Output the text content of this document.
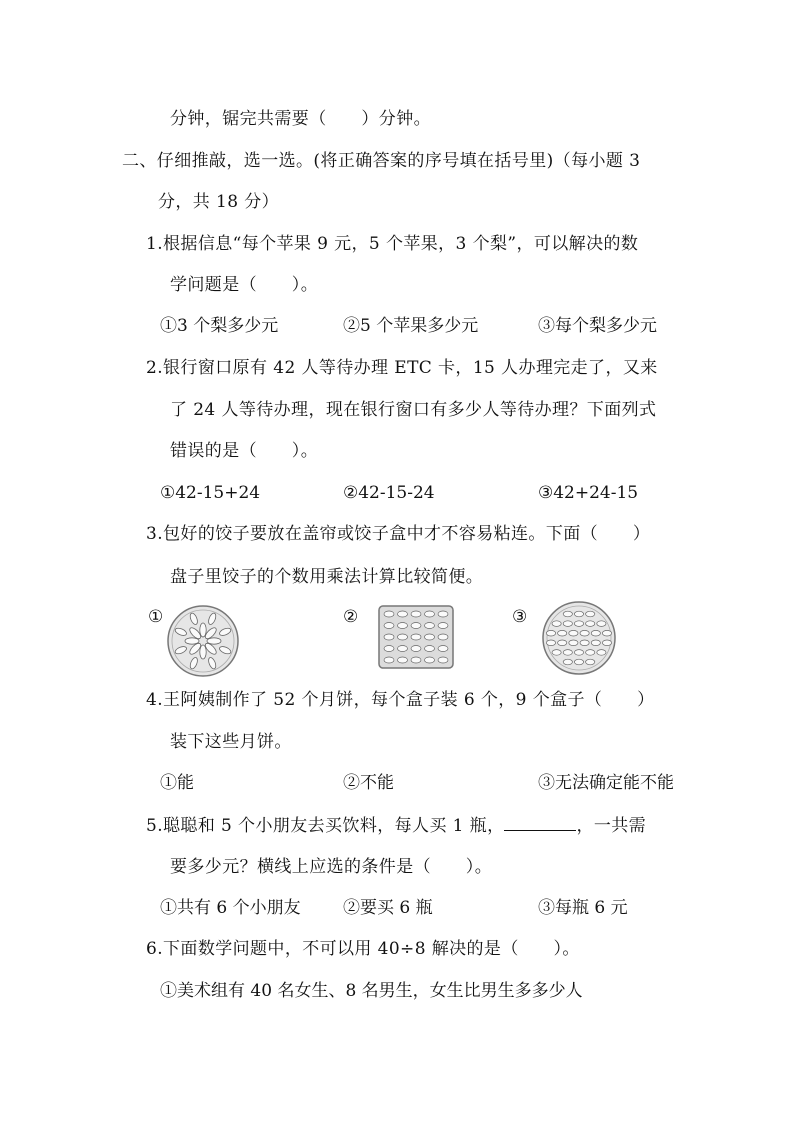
分钟，锯完共需要（　　）分钟。
二、仔细推敲，选一选。(将正确答案的序号填在括号里)（每小题 3
分，共 18 分）
1.根据信息“每个苹果 9 元，5 个苹果，3 个梨”，可以解决的数
学问题是（　　）。
①3 个梨多少元	②5 个苹果多少元	③每个梨多少元
2.银行窗口原有 42 人等待办理 ETC 卡，15 人办理完走了，又来
了 24 人等待办理，现在银行窗口有多少人等待办理？下面列式
错误的是（　　）。
①42-15+24	②42-15-24	③42+24-15
3.包好的饺子要放在盖帘或饺子盒中才不容易粘连。下面（　　）
盘子里饺子的个数用乘法计算比较简便。
①	②	③
4.王阿姨制作了 52 个月饼，每个盒子装 6 个，9 个盒子（　　）
装下这些月饼。
①能	②不能	③无法确定能不能
5.聪聪和 5 个小朋友去买饮料，每人买 1 瓶，	，一共需
要多少元？横线上应选的条件是（　　）。
①共有 6 个小朋友 ②要买 6 瓶	③每瓶 6 元
6.下面数学问题中，不可以用 40÷8 解决的是（　　）。
①美术组有 40 名女生、8 名男生，女生比男生多多少人
